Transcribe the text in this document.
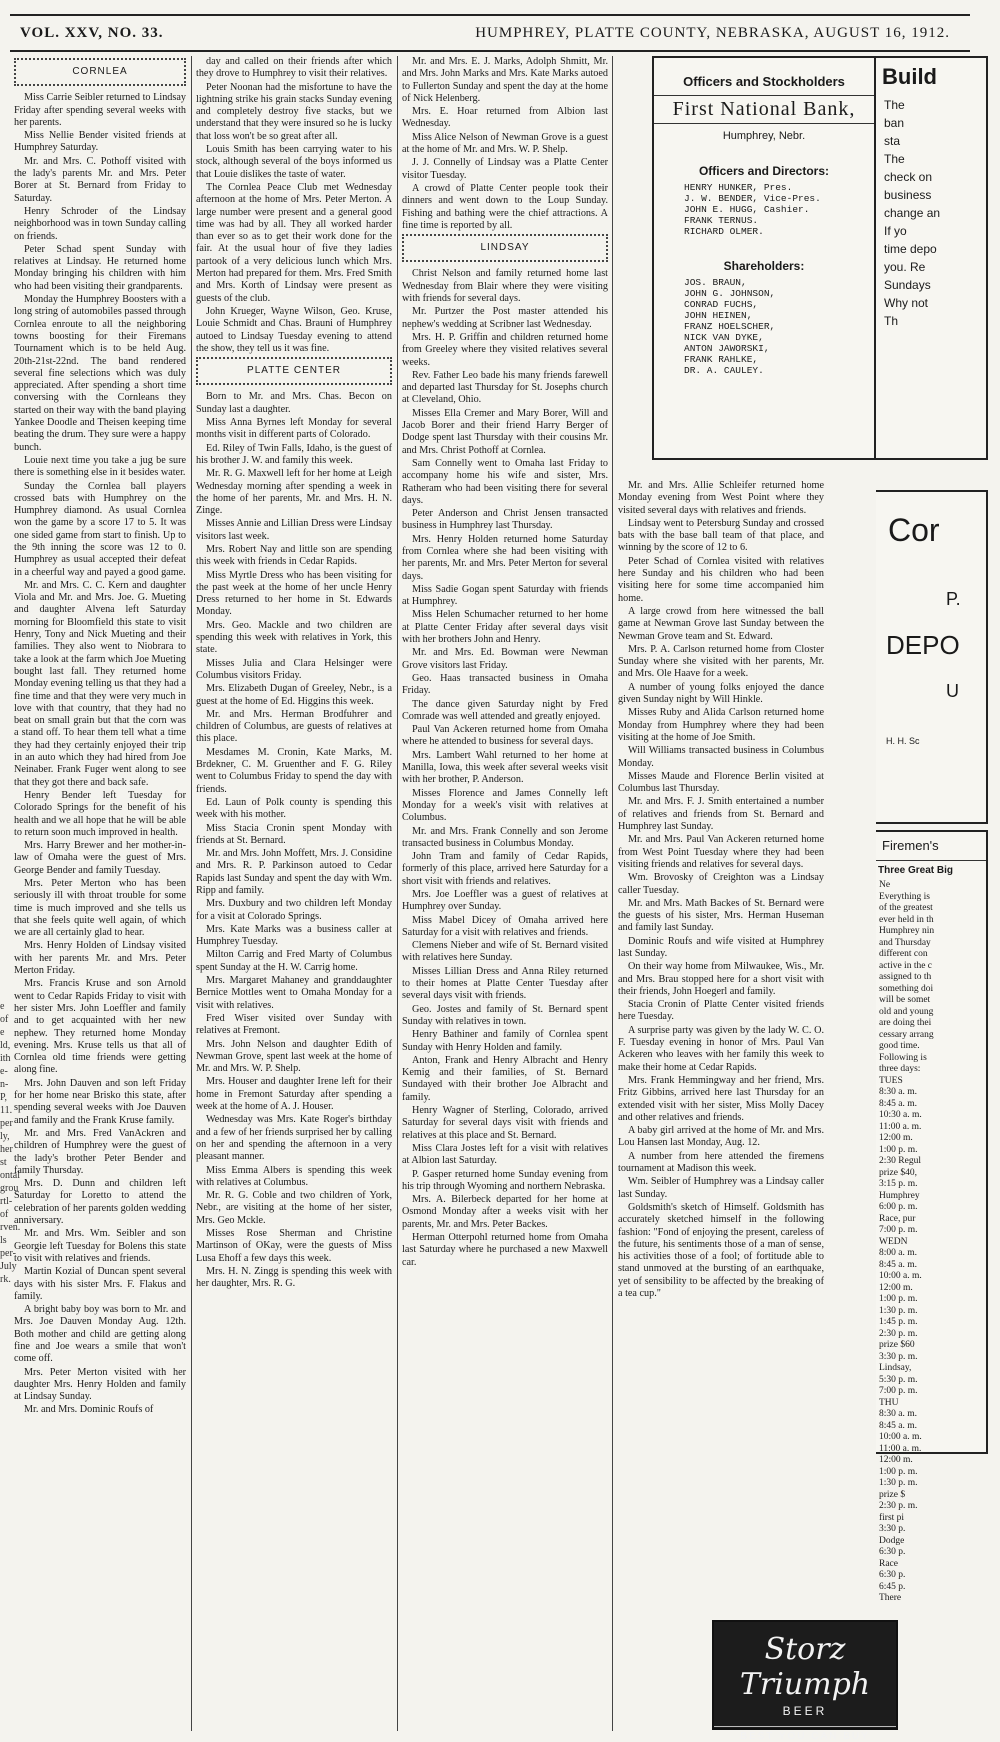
VOL. XXV, NO. 33.	HUMPHREY, PLATTE COUNTY, NEBRASKA, AUGUST 16, 1912.
e
of
e
ld,
ith
e-
n-
P,
11.
per
ly,
her
st
ontal
grou
rtl-
of
rven.
ls
per-
July
rk.
CORNLEA

Miss Carrie Seibler returned to Lindsay Friday after spending several weeks with her parents.

Miss Nellie Bender visited friends at Humphrey Saturday.

Mr. and Mrs. C. Pothoff visited with the lady's parents Mr. and Mrs. Peter Borer at St. Bernard from Friday to Saturday.

Henry Schroder of the Lindsay neighborhood was in town Sunday calling on friends.

Peter Schad spent Sunday with relatives at Lindsay. He returned home Monday bringing his children with him who had been visiting their grandparents.

Monday the Humphrey Boosters with a long string of automobiles passed through Cornlea enroute to all the neighboring towns boosting for their Firemans Tournament which is to be held Aug. 20th-21st-22nd. The band rendered several fine selections which was duly appreciated. After spending a short time conversing with the Cornleans they started on their way with the band playing Yankee Doodle and Theisen keeping time beating the drum. They sure were a happy bunch.

Louie next time you take a jug be sure there is something else in it besides water.

Sunday the Cornlea ball players crossed bats with Humphrey on the Humphrey diamond. As usual Cornlea won the game by a score 17 to 5. It was one sided game from start to finish. Up to the 9th inning the score was 12 to 0. Humphrey as usual accepted their defeat in a cheerful way and payed a good game.

Mr. and Mrs. C. C. Kern and daughter Viola and Mr. and Mrs. Joe. G. Mueting and daughter Alvena left Saturday morning for Bloomfield this state to visit Henry, Tony and Nick Mueting and their families. They also went to Niobrara to take a look at the farm which Joe Mueting bought last fall. They returned home Monday evening telling us that they had a fine time and that they were very much in love with that country, that they had no beat on small grain but that the corn was a stand off. To hear them tell what a time they had they certainly enjoyed their trip in an auto which they had hired from Joe Neinaber. Frank Fuger went along to see that they got there and back safe.

Henry Bender left Tuesday for Colorado Springs for the benefit of his health and we all hope that he will be able to return soon much improved in health.

Mrs. Harry Brewer and her mother-in-law of Omaha were the guest of Mrs. George Bender and family Tuesday.

Mrs. Peter Merton who has been seriously ill with throat trouble for some time is much improved and she tells us that she feels quite well again, of which we are all certainly glad to hear.

Mrs. Henry Holden of Lindsay visited with her parents Mr. and Mrs. Peter Merton Friday.

Mrs. Francis Kruse and son Arnold went to Cedar Rapids Friday to visit with her sister Mrs. John Loeffler and family and to get acquainted with her new nephew. They returned home Monday evening. Mrs. Kruse tells us that all of Cornlea old time friends were getting along fine.

Mrs. John Dauven and son left Friday for her home near Brisko this state, after spending several weeks with Joe Dauven and family and the Frank Kruse family.

Mr. and Mrs. Fred VanAckren and children of Humphrey were the guest of the lady's brother Peter Bender and family Thursday.

Mrs. D. Dunn and children left Saturday for Loretto to attend the celebration of her parents golden wedding anniversary.

Mr. and Mrs. Wm. Seibler and son Georgie left Tuesday for Bolens this state to visit with relatives and friends.

Martin Kozial of Duncan spent several days with his sister Mrs. F. Flakus and family.

A bright baby boy was born to Mr. and Mrs. Joe Dauven Monday Aug. 12th. Both mother and child are getting along fine and Joe wears a smile that won't come off.

Mrs. Peter Merton visited with her daughter Mrs. Henry Holden and family at Lindsay Sunday.

Mr. and Mrs. Dominic Roufs of

day and called on their friends after which they drove to Humphrey to visit their relatives.

Peter Noonan had the misfortune to have the lightning strike his grain stacks Sunday evening and completely destroy five stacks, but we understand that they were insured so he is lucky that loss won't be so great after all.

Louis Smith has been carrying water to his stock, although several of the boys informed us that Louie dislikes the taste of water.

The Cornlea Peace Club met Wednesday afternoon at the home of Mrs. Peter Merton. A large number were present and a general good time was had by all. They all worked harder than ever so as to get their work done for the fair. At the usual hour of five they ladies partook of a very delicious lunch which Mrs. Merton had prepared for them. Mrs. Fred Smith and Mrs. Korth of Lindsay were present as guests of the club.

John Krueger, Wayne Wilson, Geo. Kruse, Louie Schmidt and Chas. Brauni of Humphrey autoed to Lindsay Tuesday evening to attend the show, they tell us it was fine.

PLATTE CENTER

Born to Mr. and Mrs. Chas. Becon on Sunday last a daughter.

Miss Anna Byrnes left Monday for several months visit in different parts of Colorado.

Ed. Riley of Twin Falls, Idaho, is the guest of his brother J. W. and family this week.

Mr. R. G. Maxwell left for her home at Leigh Wednesday morning after spending a week in the home of her parents, Mr. and Mrs. H. N. Zinge.

Misses Annie and Lillian Dress were Lindsay visitors last week.

Mrs. Robert Nay and little son are spending this week with friends in Cedar Rapids.

Miss Myrtle Dress who has been visiting for the past week at the home of her uncle Henry Dress returned to her home in St. Edwards Monday.

Mrs. Geo. Mackle and two children are spending this week with relatives in York, this state.

Misses Julia and Clara Helsinger were Columbus visitors Friday.

Mrs. Elizabeth Dugan of Greeley, Nebr., is a guest at the home of Ed. Higgins this week.

Mr. and Mrs. Herman Brodfuhrer and children of Columbus, are guests of relatives at this place.

Mesdames M. Cronin, Kate Marks, M. Brdekner, C. M. Gruenther and F. G. Riley went to Columbus Friday to spend the day with friends.

Ed. Laun of Polk county is spending this week with his mother.

Miss Stacia Cronin spent Monday with friends at St. Bernard.

Mr. and Mrs. John Moffett, Mrs. J. Considine and Mrs. R. P. Parkinson autoed to Cedar Rapids last Sunday and spent the day with Wm. Ripp and family.

Mrs. Duxbury and two children left Monday for a visit at Colorado Springs.

Mrs. Kate Marks was a business caller at Humphrey Tuesday.

Milton Carrig and Fred Marty of Columbus spent Sunday at the H. W. Carrig home.

Mrs. Margaret Mahaney and granddaughter Bernice Mottles went to Omaha Monday for a visit with relatives.

Fred Wiser visited over Sunday with relatives at Fremont.

Mrs. John Nelson and daughter Edith of Newman Grove, spent last week at the home of Mr. and Mrs. W. P. Shelp.

Mrs. Houser and daughter Irene left for their home in Fremont Saturday after spending a week at the home of A. J. Houser.

Wednesday was Mrs. Kate Roger's birthday and a few of her friends surprised her by calling on her and spending the afternoon in a very pleasant manner.

Miss Emma Albers is spending this week with relatives at Columbus.

Mr. R. G. Coble and two children of York, Nebr., are visiting at the home of her sister, Mrs. Geo Mckle.

Misses Rose Sherman and Christine Martinson of OKay, were the guests of Miss Lusa Ehoff a few days this week.

Mrs. H. N. Zingg is spending this week with her daughter, Mrs. R. G.

Mr. and Mrs. E. J. Marks, Adolph Shmitt, Mr. and Mrs. John Marks and Mrs. Kate Marks autoed to Fullerton Sunday and spent the day at the home of Nick Helenberg.

Mrs. E. Hoar returned from Albion last Wednesday.

Miss Alice Nelson of Newman Grove is a guest at the home of Mr. and Mrs. W. P. Shelp.

J. J. Connelly of Lindsay was a Platte Center visitor Tuesday.

A crowd of Platte Center people took their dinners and went down to the Loup Sunday. Fishing and bathing were the chief attractions. A fine time is reported by all.

LINDSAY

Christ Nelson and family returned home last Wednesday from Blair where they were visiting with friends for several days.

Mr. Purtzer the Post master attended his nephew's wedding at Scribner last Wednesday.

Mrs. H. P. Griffin and children returned home from Greeley where they visited relatives several weeks.

Rev. Father Leo bade his many friends farewell and departed last Thursday for St. Josephs church at Cleveland, Ohio.

Misses Ella Cremer and Mary Borer, Will and Jacob Borer and their friend Harry Berger of Dodge spent last Thursday with their cousins Mr. and Mrs. Christ Pothoff at Cornlea.

Sam Connelly went to Omaha last Friday to accompany home his wife and sister, Mrs. Ratheram who had been visiting there for several days.

Peter Anderson and Christ Jensen transacted business in Humphrey last Thursday.

Mrs. Henry Holden returned home Saturday from Cornlea where she had been visiting with her parents, Mr. and Mrs. Peter Merton for several days.

Miss Sadie Gogan spent Saturday with friends at Humphrey.

Miss Helen Schumacher returned to her home at Platte Center Friday after several days visit with her brothers John and Henry.

Mr. and Mrs. Ed. Bowman were Newman Grove visitors last Friday.

Geo. Haas transacted business in Omaha Friday.

The dance given Saturday night by Fred Comrade was well attended and greatly enjoyed.

Paul Van Ackeren returned home from Omaha where he attended to business for several days.

Mrs. Lambert Wahl returned to her home at Manilla, Iowa, this week after several weeks visit with her brother, P. Anderson.

Misses Florence and James Connelly left Monday for a week's visit with relatives at Columbus.

Mr. and Mrs. Frank Connelly and son Jerome transacted business in Columbus Monday.

John Tram and family of Cedar Rapids, formerly of this place, arrived here Saturday for a short visit with friends and relatives.

Mrs. Joe Loeffler was a guest of relatives at Humphrey over Sunday.

Miss Mabel Dicey of Omaha arrived here Saturday for a visit with relatives and friends.

Clemens Nieber and wife of St. Bernard visited with relatives here Sunday.

Misses Lillian Dress and Anna Riley returned to their homes at Platte Center Tuesday after several days visit with friends.

Geo. Jostes and family of St. Bernard spent Sunday with relatives in town.

Henry Bathiner and family of Cornlea spent Sunday with Henry Holden and family.

Anton, Frank and Henry Albracht and Henry Kemig and their families, of St. Bernard Sundayed with their brother Joe Albracht and family.

Henry Wagner of Sterling, Colorado, arrived Saturday for several days visit with friends and relatives at this place and St. Bernard.

Miss Clara Jostes left for a visit with relatives at Albion last Saturday.

P. Gasper returned home Sunday evening from his trip through Wyoming and northern Nebraska.

Mrs. A. Bilerbeck departed for her home at Osmond Monday after a weeks visit with her parents, Mr. and Mrs. Peter Backes.

Herman Otterpohl returned home from Omaha last Saturday where he purchased a new Maxwell car.

Mr. and Mrs. Allie Schleifer returned home Monday evening from West Point where they visited several days with relatives and friends.

Lindsay went to Petersburg Sunday and crossed bats with the base ball team of that place, and winning by the score of 12 to 6.

Peter Schad of Cornlea visited with relatives here Sunday and his children who had been visiting here for some time accompanied him home.

A large crowd from here witnessed the ball game at Newman Grove last Sunday between the Newman Grove team and St. Edward.

Mrs. P. A. Carlson returned home from Closter Sunday where she visited with her parents, Mr. and Mrs. Ole Haave for a week.

A number of young folks enjoyed the dance given Sunday night by Will Hinkle.

Misses Ruby and Alida Carlson returned home Monday from Humphrey where they had been visiting at the home of Joe Smith.

Will Williams transacted business in Columbus Monday.

Misses Maude and Florence Berlin visited at Columbus last Thursday.

Mr. and Mrs. F. J. Smith entertained a number of relatives and friends from St. Bernard and Humphrey last Sunday.

Mr. and Mrs. Paul Van Ackeren returned home from West Point Tuesday where they had been visiting friends and relatives for several days.

Wm. Brovosky of Creighton was a Lindsay caller Tuesday.

Mr. and Mrs. Math Backes of St. Bernard were the guests of his sister, Mrs. Herman Huseman and family last Sunday.

Dominic Roufs and wife visited at Humphrey last Sunday.

On their way home from Milwaukee, Wis., Mr. and Mrs. Brau stopped here for a short visit with their friends, John Hoegerl and family.

Stacia Cronin of Platte Center visited friends here Tuesday.

A surprise party was given by the lady W. C. O. F. Tuesday evening in honor of Mrs. Paul Van Ackeren who leaves with her family this week to make their home at Cedar Rapids.

Mrs. Frank Hemmingway and her friend, Mrs. Fritz Gibbins, arrived here last Thursday for an extended visit with her sister, Miss Molly Dacey and other relatives and friends.

A baby girl arrived at the home of Mr. and Mrs. Lou Hansen last Monday, Aug. 12.

A number from here attended the firemens tournament at Madison this week.

Wm. Seibler of Humphrey was a Lindsay caller last Sunday.

Goldsmith's sketch of Himself. Goldsmith has accurately sketched himself in the following fashion: "Fond of enjoying the present, careless of the future, his sentiments those of a man of sense, his activities those of a fool; of fortitude able to stand unmoved at the bursting of an earthquake, yet of sensibility to be affected by the breaking of a tea cup."

Officers and Stockholders
First National Bank,
Humphrey, Nebr.
Officers and Directors:
HENRY HUNKER, Pres.
J. W. BENDER, Vice-Pres.
JOHN E. HUGG, Cashier.
FRANK TERNUS.
RICHARD OLMER.
Shareholders:
JOS. BRAUN,
JOHN G. JOHNSON,
CONRAD FUCHS,
JOHN HEINEN,
FRANZ HOELSCHER,
NICK VAN DYKE,
ANTON JAWORSKI,
FRANK RAHLKE,
DR. A. CAULEY.
Build
The
ban
sta
The
check on
business
change an
If yo
time depo
you. Re
Sundays
Why not
Th
Cor
P.
DEPO
U
H. H. Sc
Firemen's
Three Great Big
Ne
Everything is
of the greatest
ever held in th
Humphrey nin
and Thursday
different con
active in the c
assigned to th
something doi
will be somet
old and young
are doing thei
cessary arrang
good time.
Following is
three days:
TUES
8:30 a. m.
8:45 a. m.
10:30 a. m.
11:00 a. m.
12:00 m.
1:00 p. m.
2:30 Regul
prize $40,
3:15 p. m.
Humphrey
6:00 p. m.
Race, pur
7:00 p. m.
WEDN
8:00 a. m.
8:45 a. m.
10:00 a. m.
12:00 m.
1:00 p. m.
1:30 p. m.
1:45 p. m.
2:30 p. m.
prize $60
3:30 p. m.
Lindsay,
5:30 p. m.
7:00 p. m.
THU
8:30 a. m.
8:45 a. m.
10:00 a. m.
11:00 a. m.
12:00 m.
1:00 p. m.
1:30 p. m.
prize $
2:30 p. m.
first pi
3:30 p.
Dodge
6:30 p.
Race
6:30 p.
6:45 p.
There
Storz Triumph
BEER
BEST YOU CAN BUY
